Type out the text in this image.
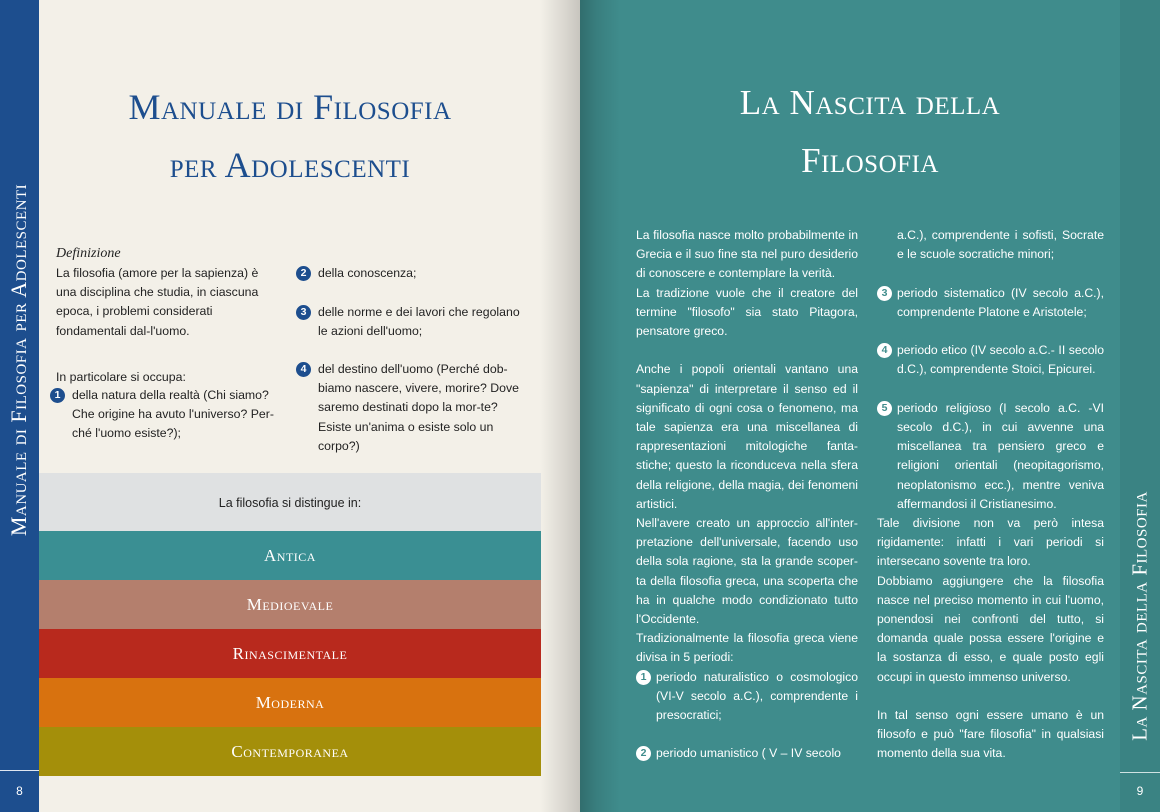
Manuale di Filosofia per Adolescenti
8
Manuale di Filosofia
per Adolescenti
Definizione
La filosofia (amore per la sapienza) è una disciplina che studia, in ciascuna epoca, i problemi considerati fondamentali dal-l'uomo.
In particolare si occupa:
1 della natura della realtà (Chi siamo? Che origine ha avuto l'universo? Per-ché l'uomo esiste?);
2 della conoscenza;
3 delle norme e dei lavori che regolano le azioni dell'uomo;
4 del destino dell'uomo (Perché dob-biamo nascere, vivere, morire? Dove saremo destinati dopo la mor-te? Esiste un'anima o esiste solo un corpo?)
La filosofia si distingue in:
Antica
Medioevale
Rinascimentale
Moderna
Contemporanea
La Nascita della Filosofia
9
La Nascita della
Filosofia

La filosofia nasce molto probabilmente in Grecia e il suo fine sta nel puro desiderio di conoscere e contemplare la verità.

La tradizione vuole che il creatore del termine "filosofo" sia stato Pitagora, pensatore greco.

Anche i popoli orientali vantano una "sapienza" di interpretare il senso ed il significato di ogni cosa o fenomeno, ma tale sapienza era una miscellanea di rappresentazioni mitologiche fanta-stiche; questo la riconduceva nella sfera della religione, della magia, dei fenomeni artistici.

Nell'avere creato un approccio all'inter-pretazione dell'universale, facendo uso della sola ragione, sta la grande scoper-ta della filosofia greca, una scoperta che ha in qualche modo condizionato tutto l'Occidente.

Tradizionalmente la filosofia greca viene divisa in 5 periodi:

1 periodo naturalistico o cosmologico (VI-V secolo a.C.), comprendente i presocratici;

2 periodo umanistico ( V – IV secolo

a.C.), comprendente i sofisti, Socrate e le scuole socratiche minori;

3 periodo sistematico (IV secolo a.C.), comprendente Platone e Aristotele;

4 periodo etico (IV secolo a.C.- II secolo d.C.), comprendente Stoici, Epicurei.

5 periodo religioso (I secolo a.C. -VI secolo d.C.), in cui avvenne una miscellanea tra pensiero greco e religioni orientali (neopitagorismo, neoplatonismo ecc.), mentre veniva affermandosi il Cristianesimo.

Tale divisione non va però intesa rigidamente: infatti i vari periodi si intersecano sovente tra loro.

Dobbiamo aggiungere che la filosofia nasce nel preciso momento in cui l'uomo, ponendosi nei confronti del tutto, si domanda quale possa essere l'origine e la sostanza di esso, e quale posto egli occupi in questo immenso universo.

In tal senso ogni essere umano è un filosofo e può "fare filosofia" in qualsiasi momento della sua vita.
